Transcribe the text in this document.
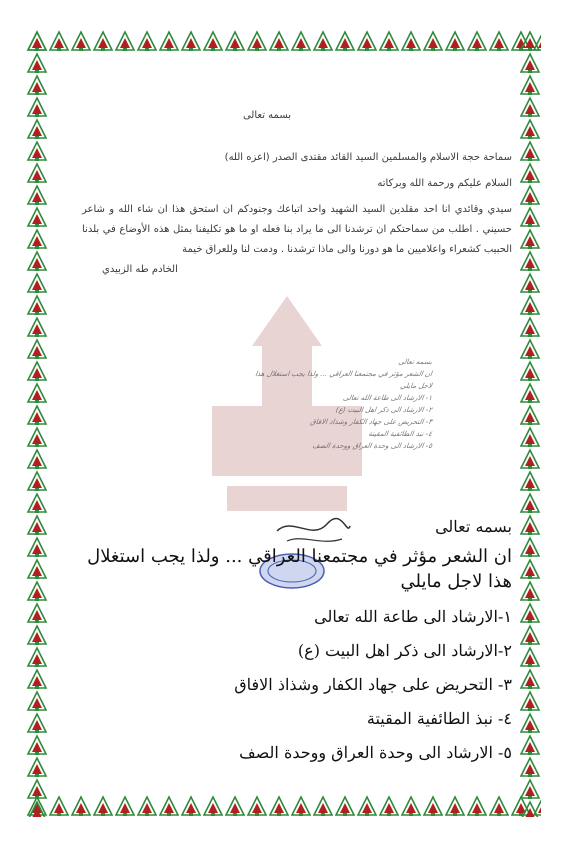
بسمه تعالى

سماحة حجة الاسلام والمسلمين السيد القائد مقتدى الصدر (اعزه الله)

السلام عليكم ورحمة الله وبركاته

سيدي وقائدي انا احد مقلدين السيد الشهيد واحد اتباعك وجنودكم ان استحق هذا ان شاء الله و شاعر حسيني . اطلب من سماحتكم ان ترشدنا الى ما يراد بنا فعله او ما هو تكليفنا بمثل هذه الأوضاع في بلدنا الحبيب كشعراء واعلاميين ما هو دورنا والى ماذا ترشدنا . ودمت لنا وللعراق خيمة

الخادم طه الزبيدي

بسمه تعالى
ان الشعر مؤثر في مجتمعنا العراقي ... ولذا يجب استغلال هذا
لاجل مايلي
١- الارشاد الى طاعة الله تعالى
٢- الارشاد الى ذكر اهل البيت (ع)
٣- التحريض على جهاد الكفار وشذاذ الافاق
٤- نبذ الطائفية المقيتة
٥- الارشاد الى وحدة العراق ووحدة الصف
بسمه تعالى
ان الشعر مؤثر في مجتمعنا العراقي ... ولذا يجب استغلال هذا لاجل مايلي
١-الارشاد الى طاعة الله تعالى
٢-الارشاد الى ذكر اهل البيت (ع)
٣- التحريض على جهاد الكفار وشذاذ الافاق
٤- نبذ الطائفية المقيتة
٥- الارشاد الى وحدة العراق ووحدة الصف
